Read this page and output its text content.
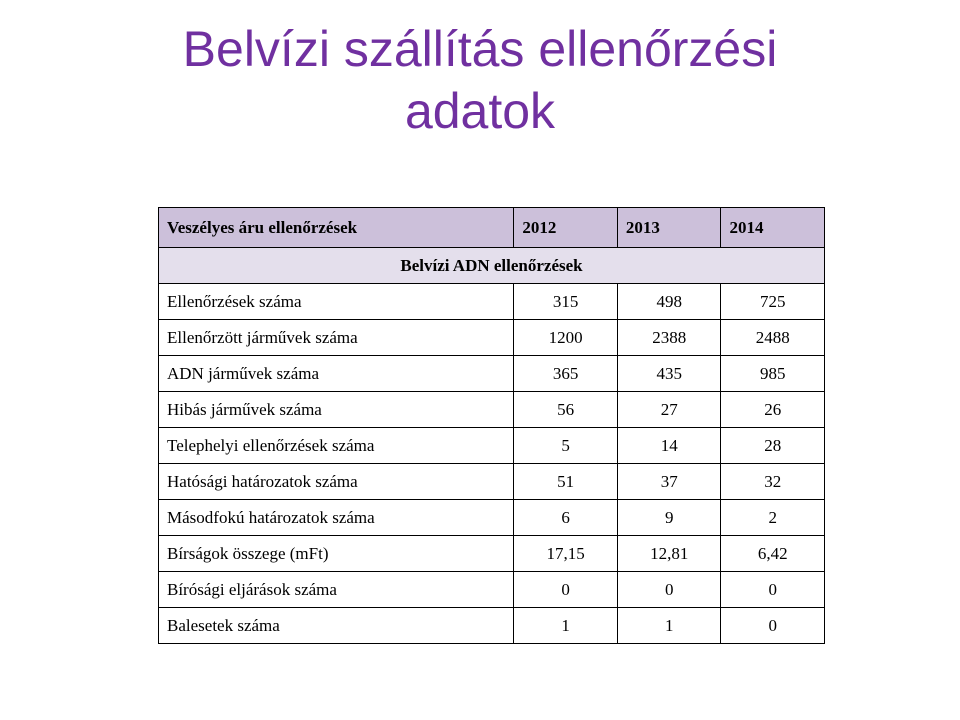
Belvízi szállítás ellenőrzési
adatok
Veszélyes áru ellenőrzések	2012	2013	2014
Belvízi ADN ellenőrzések			
Ellenőrzések száma	315	498	725
Ellenőrzött járművek száma	1200	2388	2488
ADN járművek száma	365	435	985
Hibás járművek száma	56	27	26
Telephelyi ellenőrzések száma	5	14	28
Hatósági határozatok száma	51	37	32
Másodfokú határozatok száma	6	9	2
Bírságok összege (mFt)	17,15	12,81	6,42
Bírósági eljárások száma	0	0	0
Balesetek száma	1	1	0
